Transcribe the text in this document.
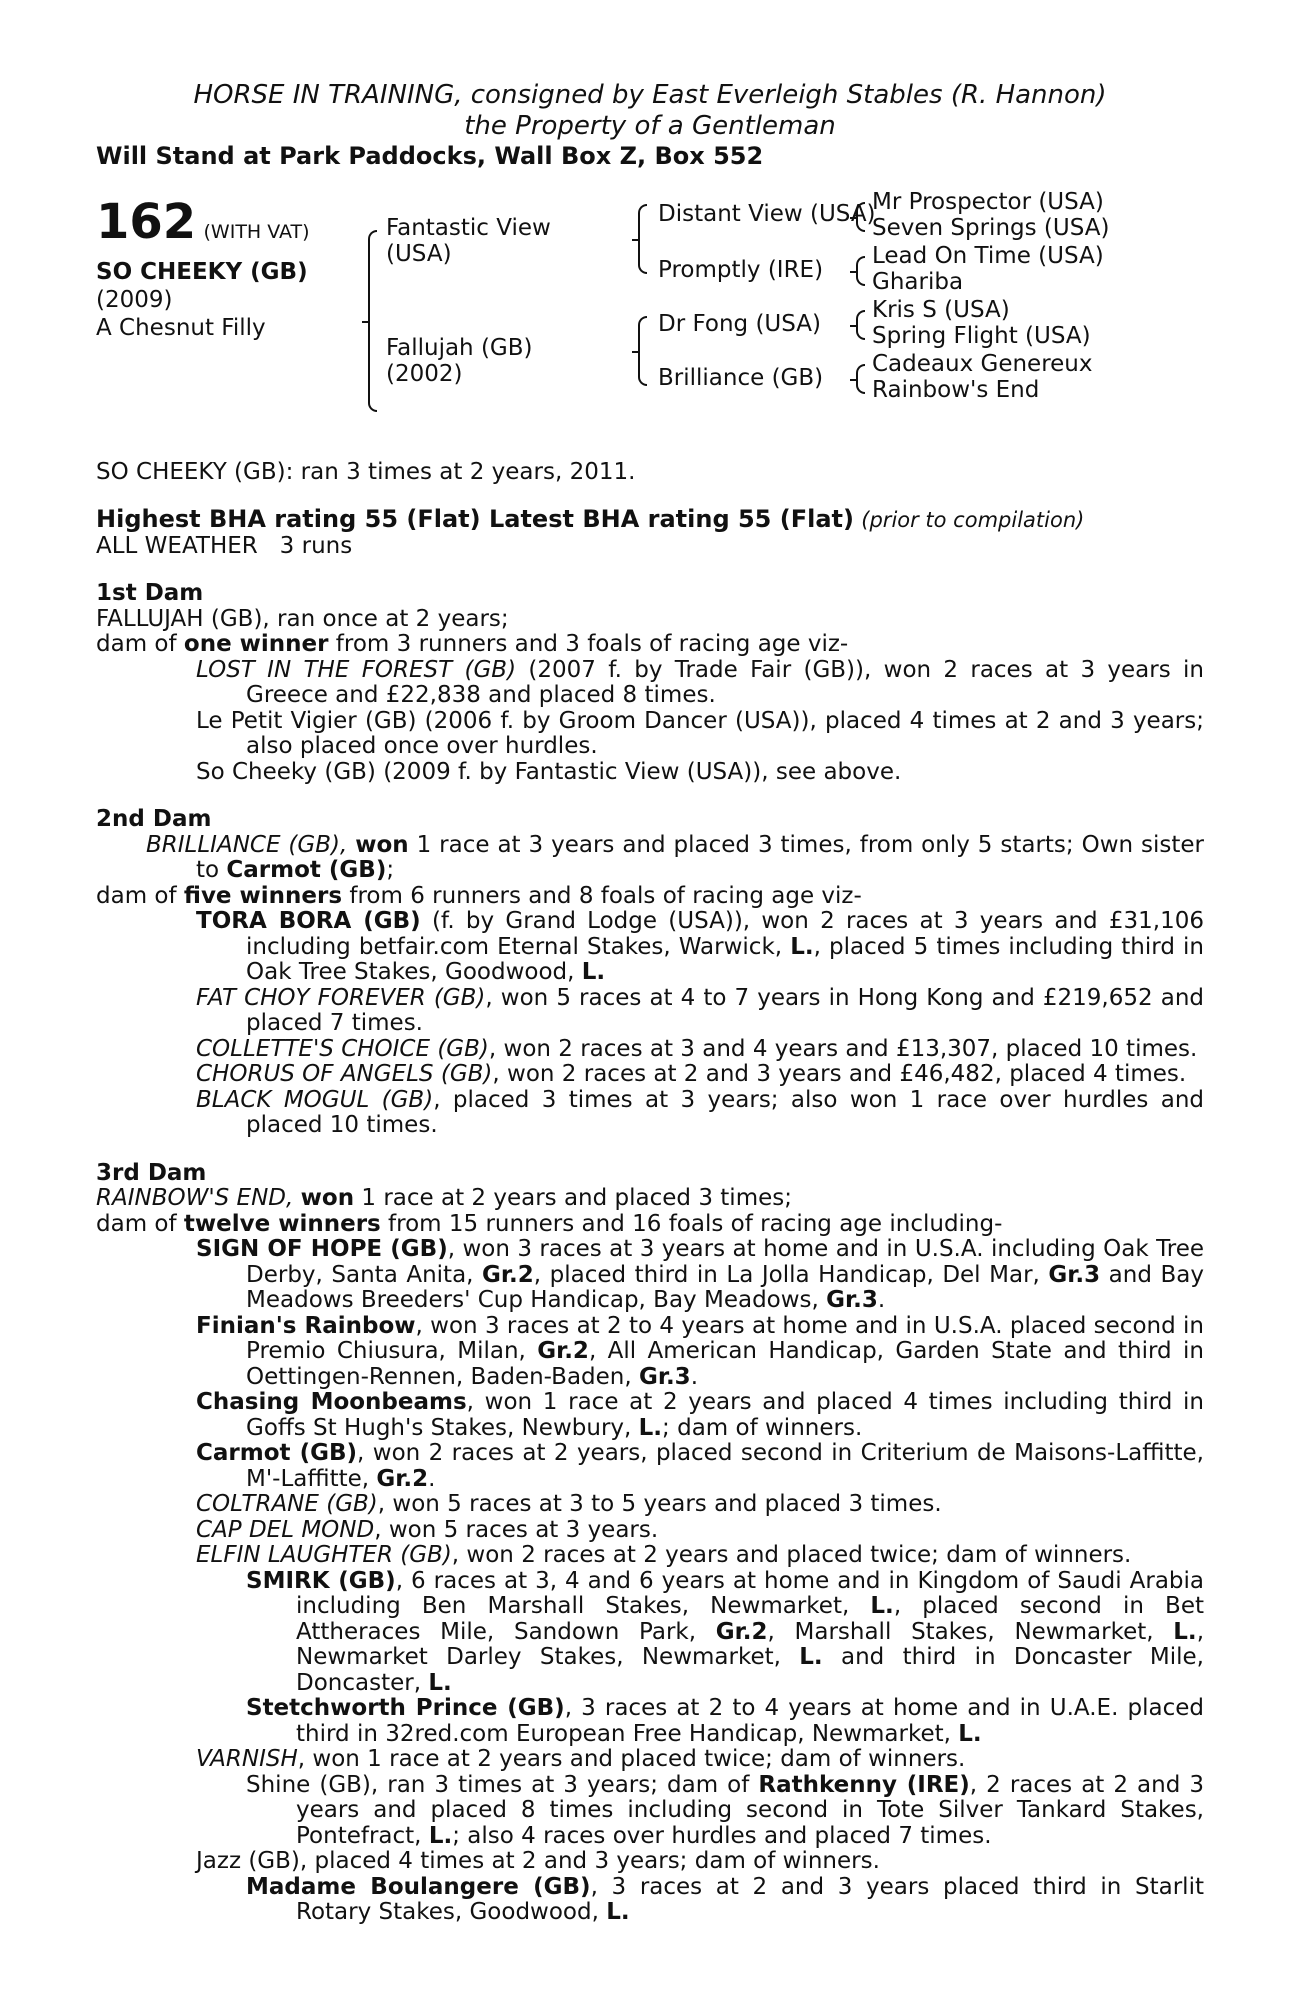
HORSE IN TRAINING, consigned by East Everleigh Stables (R. Hannon)
the Property of a Gentleman
Will Stand at Park Paddocks, Wall Box Z, Box 552
162 (WITH VAT)
SO CHEEKY (GB)
(2009)
A Chesnut Filly
Fantastic View
(USA)
Fallujah (GB)
(2002)
Distant View (USA)
Promptly (IRE)
Dr Fong (USA)
Brilliance (GB)
Mr Prospector (USA)
Seven Springs (USA)
Lead On Time (USA)
Ghariba
Kris S (USA)
Spring Flight (USA)
Cadeaux Genereux
Rainbow's End
SO CHEEKY (GB): ran 3 times at 2 years, 2011.
Highest BHA rating 55 (Flat) Latest BHA rating 55 (Flat) (prior to compilation)
ALL WEATHER   3 runs
1st Dam
FALLUJAH (GB), ran once at 2 years;
dam of one winner from 3 runners and 3 foals of racing age viz-
LOST IN THE FOREST (GB) (2007 f. by Trade Fair (GB)), won 2 races at 3 years in Greece and £22,838 and placed 8 times.
Le Petit Vigier (GB) (2006 f. by Groom Dancer (USA)), placed 4 times at 2 and 3 years; also placed once over hurdles.
So Cheeky (GB) (2009 f. by Fantastic View (USA)), see above.
2nd Dam
BRILLIANCE (GB), won 1 race at 3 years and placed 3 times, from only 5 starts; Own sister to Carmot (GB);
dam of five winners from 6 runners and 8 foals of racing age viz-
TORA BORA (GB) (f. by Grand Lodge (USA)), won 2 races at 3 years and £31,106 including betfair.com Eternal Stakes, Warwick, L., placed 5 times including third in Oak Tree Stakes, Goodwood, L.
FAT CHOY FOREVER (GB), won 5 races at 4 to 7 years in Hong Kong and £219,652 and placed 7 times.
COLLETTE'S CHOICE (GB), won 2 races at 3 and 4 years and £13,307, placed 10 times.
CHORUS OF ANGELS (GB), won 2 races at 2 and 3 years and £46,482, placed 4 times.
BLACK MOGUL (GB), placed 3 times at 3 years; also won 1 race over hurdles and placed 10 times.
3rd Dam
RAINBOW'S END, won 1 race at 2 years and placed 3 times;
dam of twelve winners from 15 runners and 16 foals of racing age including-
SIGN OF HOPE (GB), won 3 races at 3 years at home and in U.S.A. including Oak Tree Derby, Santa Anita, Gr.2, placed third in La Jolla Handicap, Del Mar, Gr.3 and Bay Meadows Breeders' Cup Handicap, Bay Meadows, Gr.3.
Finian's Rainbow, won 3 races at 2 to 4 years at home and in U.S.A. placed second in Premio Chiusura, Milan, Gr.2, All American Handicap, Garden State and third in Oettingen-Rennen, Baden-Baden, Gr.3.
Chasing Moonbeams, won 1 race at 2 years and placed 4 times including third in Goffs St Hugh's Stakes, Newbury, L.; dam of winners.
Carmot (GB), won 2 races at 2 years, placed second in Criterium de Maisons-Laffitte, M'-Laffitte, Gr.2.
COLTRANE (GB), won 5 races at 3 to 5 years and placed 3 times.
CAP DEL MOND, won 5 races at 3 years.
ELFIN LAUGHTER (GB), won 2 races at 2 years and placed twice; dam of winners.
SMIRK (GB), 6 races at 3, 4 and 6 years at home and in Kingdom of Saudi Arabia including Ben Marshall Stakes, Newmarket, L., placed second in Bet Attheraces Mile, Sandown Park, Gr.2, Marshall Stakes, Newmarket, L., Newmarket Darley Stakes, Newmarket, L. and third in Doncaster Mile, Doncaster, L.
Stetchworth Prince (GB), 3 races at 2 to 4 years at home and in U.A.E. placed third in 32red.com European Free Handicap, Newmarket, L.
VARNISH, won 1 race at 2 years and placed twice; dam of winners.
Shine (GB), ran 3 times at 3 years; dam of Rathkenny (IRE), 2 races at 2 and 3 years and placed 8 times including second in Tote Silver Tankard Stakes, Pontefract, L.; also 4 races over hurdles and placed 7 times.
Jazz (GB), placed 4 times at 2 and 3 years; dam of winners.
Madame Boulangere (GB), 3 races at 2 and 3 years placed third in Starlit Rotary Stakes, Goodwood, L.
